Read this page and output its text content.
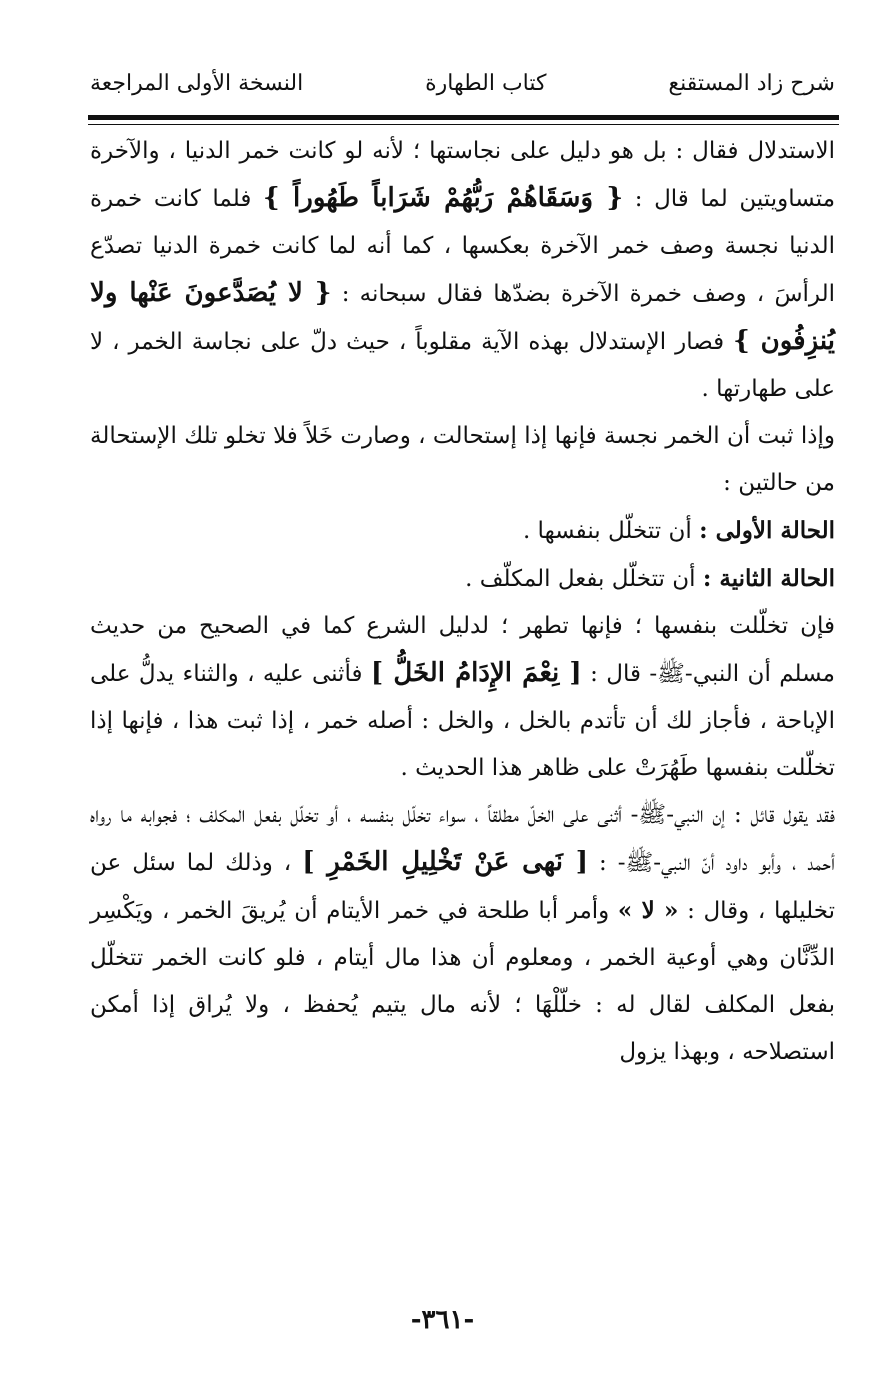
شرح زاد المستقنع
كتاب الطهارة
النسخة الأولى المراجعة

الاستدلال فقال : بل هو دليل على نجاستها ؛ لأنه لو كانت خمر الدنيا ، والآخرة متساويتين لما قال : { وَسَقَاهُمْ رَبُّهُمْ شَرَاباً طَهُوراً } فلما كانت خمرة الدنيا نجسة وصف خمر الآخرة بعكسها ، كما أنه لما كانت خمرة الدنيا تصدّع الرأسَ ، وصف خمرة الآخرة بضدّها فقال سبحانه : { لا يُصَدَّعونَ عَنْها ولا يُنزِفُون } فصار الإستدلال بهذه الآية مقلوباً ، حيث دلّ على نجاسة الخمر ، لا على طهارتها .

وإذا ثبت أن الخمر نجسة فإنها إذا إستحالت ، وصارت خَلاً فلا تخلو تلك الإستحالة من حالتين :

الحالة الأولى : أن تتخلّل بنفسها .

الحالة الثانية : أن تتخلّل بفعل المكلّف .

فإن تخلّلت بنفسها ؛ فإنها تطهر ؛ لدليل الشرع كما في الصحيح من حديث مسلم أن النبي-ﷺ- قال : [ نِعْمَ الإِدَامُ الخَلُّ ] فأثنى عليه ، والثناء يدلُّ على الإباحة ، فأجاز لك أن تأتدم بالخل ، والخل : أصله خمر ، إذا ثبت هذا ، فإنها إذا تخلّلت بنفسها طَهُرَتْ على ظاهر هذا الحديث .

فقد يقول قائل : إن النبي-ﷺ- أثنى على الخلّ مطلقاً ، سواء تخلّل بنفسه ، أو تخلّل بفعل المكلف ؛ فجوابه ما رواه أحمد ، وأبو داود أنّ النبي-ﷺ- : [ نَهى عَنْ تَخْلِيلِ الخَمْرِ ] ، وذلك لما سئل عن تخليلها ، وقال : « لا » وأمر أبا طلحة في خمر الأيتام أن يُريقَ الخمر ، ويَكْسِر الدِّنَّان وهي أوعية الخمر ، ومعلوم أن هذا مال أيتام ، فلو كانت الخمر تتخلّل بفعل المكلف لقال له : خلّلْهَا ؛ لأنه مال يتيم يُحفظ ، ولا يُراق إذا أمكن استصلاحه ، وبهذا يزول

-٣٦١-
